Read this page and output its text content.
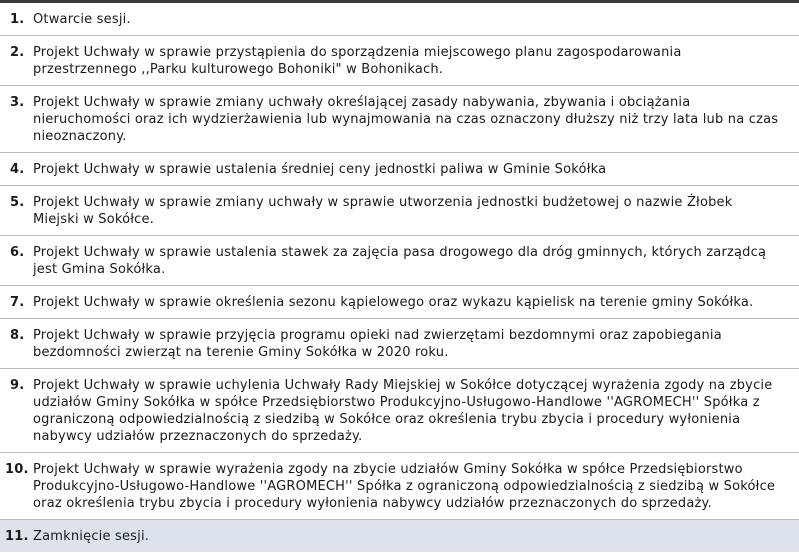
1. Otwarcie sesji.
2. Projekt Uchwały w sprawie przystąpienia do sporządzenia miejscowego planu zagospodarowania przestrzennego ,,Parku kulturowego Bohoniki" w Bohonikach.
3. Projekt Uchwały w sprawie zmiany uchwały określającej zasady nabywania, zbywania i obciążania nieruchomości oraz ich wydzierżawienia lub wynajmowania na czas oznaczony dłuższy niż trzy lata lub na czas nieoznaczony.
4. Projekt Uchwały w sprawie ustalenia średniej ceny jednostki paliwa w Gminie Sokółka
5. Projekt Uchwały w sprawie zmiany uchwały w sprawie utworzenia jednostki budżetowej o nazwie Żłobek Miejski w Sokółce.
6. Projekt Uchwały w sprawie ustalenia stawek za zajęcia pasa drogowego dla dróg gminnych, których zarządcą jest Gmina Sokółka.
7. Projekt Uchwały w sprawie określenia sezonu kąpielowego oraz wykazu kąpielisk na terenie gminy Sokółka.
8. Projekt Uchwały w sprawie przyjęcia programu opieki nad zwierzętami bezdomnymi oraz zapobiegania bezdomności zwierząt na terenie Gminy Sokółka w 2020 roku.
9. Projekt Uchwały w sprawie uchylenia Uchwały Rady Miejskiej w Sokółce dotyczącej wyrażenia zgody na zbycie udziałów Gminy Sokółka w spółce Przedsiębiorstwo Produkcyjno-Usługowo-Handlowe ''AGROMECH'' Spółka z ograniczoną odpowiedzialnością z siedzibą w Sokółce oraz określenia trybu zbycia i procedury wyłonienia nabywcy udziałów przeznaczonych do sprzedaży.
10. Projekt Uchwały w sprawie wyrażenia zgody na zbycie udziałów Gminy Sokółka w spółce Przedsiębiorstwo Produkcyjno-Usługowo-Handlowe ''AGROMECH'' Spółka z ograniczoną odpowiedzialnością z siedzibą w Sokółce oraz określenia trybu zbycia i procedury wyłonienia nabywcy udziałów przeznaczonych do sprzedaży.
11. Zamknięcie sesji.
